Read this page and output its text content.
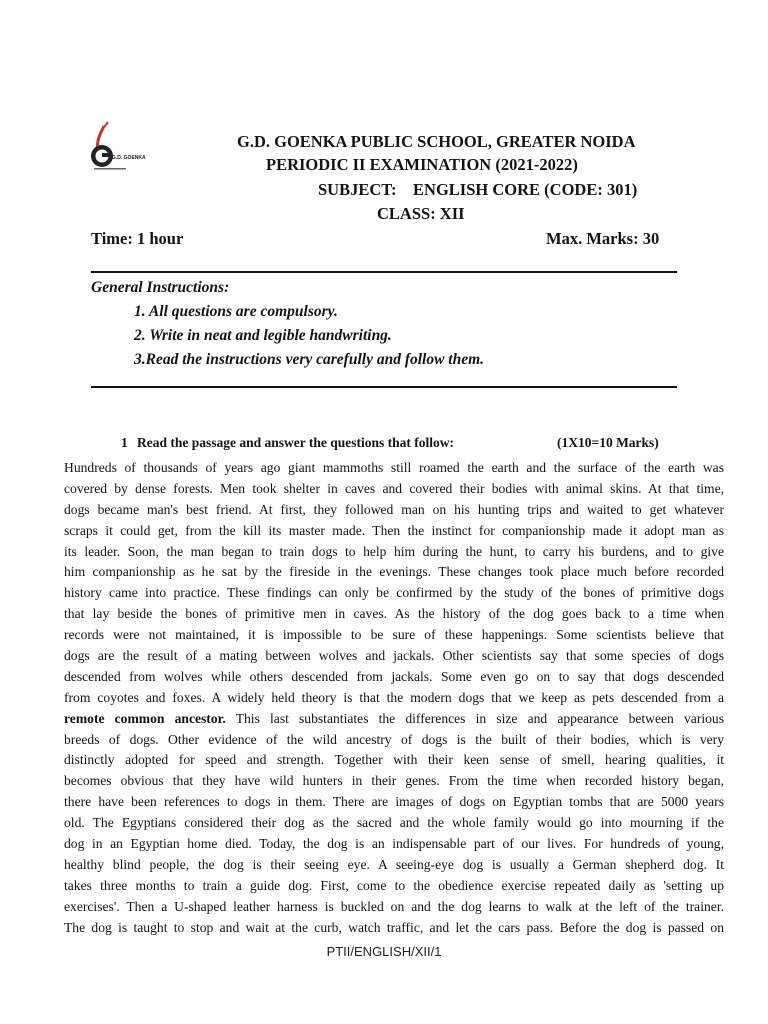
G.D. GOENKA
G.D. GOENKA PUBLIC SCHOOL, GREATER NOIDA
PERIODIC II EXAMINATION (2021-2022)
SUBJECT:    ENGLISH CORE (CODE: 301)
CLASS: XII
Time: 1 hour	Max. Marks: 30
General Instructions:
1. All questions are compulsory.
2. Write in neat and legible handwriting.
3.Read the instructions very carefully and follow them.
1 Read the passage and answer the questions that follow:	(1X10=10 Marks)
Hundreds of thousands of years ago giant mammoths still roamed the earth and the surface of the earth was
covered by dense forests. Men took shelter in caves and covered their bodies with animal skins. At that time,
dogs became man's best friend. At first, they followed man on his hunting trips and waited to get whatever
scraps it could get, from the kill its master made. Then the instinct for companionship made it adopt man as
its leader. Soon, the man began to train dogs to help him during the hunt, to carry his burdens, and to give
him companionship as he sat by the fireside in the evenings. These changes took place much before recorded
history came into practice. These findings can only be confirmed by the study of the bones of primitive dogs
that lay beside the bones of primitive men in caves. As the history of the dog goes back to a time when
records were not maintained, it is impossible to be sure of these happenings. Some scientists believe that
dogs are the result of a mating between wolves and jackals. Other scientists say that some species of dogs
descended from wolves while others descended from jackals. Some even go on to say that dogs descended
from coyotes and foxes. A widely held theory is that the modern dogs that we keep as pets descended from a
remote common ancestor. This last substantiates the differences in size and appearance between various
breeds of dogs. Other evidence of the wild ancestry of dogs is the built of their bodies, which is very
distinctly adopted for speed and strength. Together with their keen sense of smell, hearing qualities, it
becomes obvious that they have wild hunters in their genes. From the time when recorded history began,
there have been references to dogs in them. There are images of dogs on Egyptian tombs that are 5000 years
old. The Egyptians considered their dog as the sacred and the whole family would go into mourning if the
dog in an Egyptian home died. Today, the dog is an indispensable part of our lives. For hundreds of young,
healthy blind people, the dog is their seeing eye. A seeing-eye dog is usually a German shepherd dog. It
takes three months to train a guide dog. First, come to the obedience exercise repeated daily as 'setting up
exercises'. Then a U-shaped leather harness is buckled on and the dog learns to walk at the left of the trainer.
The dog is taught to stop and wait at the curb, watch traffic, and let the cars pass. Before the dog is passed on
PTII/ENGLISH/XII/1
